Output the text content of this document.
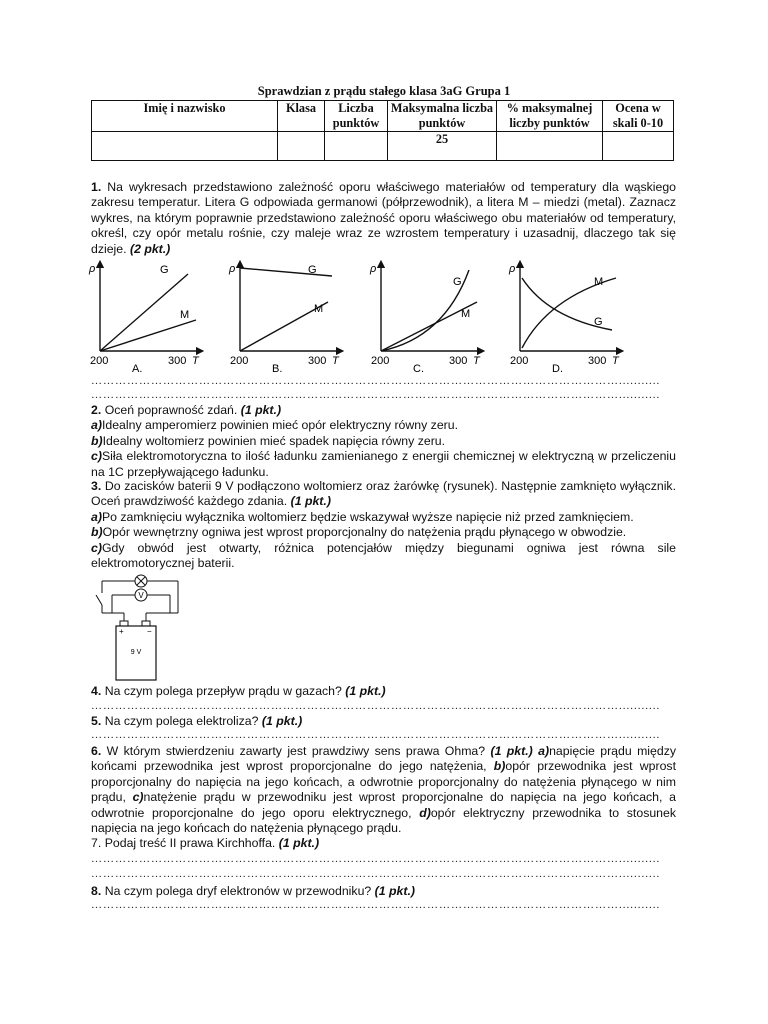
Sprawdzian z prądu stałego klasa 3aG Grupa 1
Imię i nazwisko	Klasa	Liczba punktów	Maksymalna liczba punktów	% maksymalnej liczby punktów	Ocena w skali 0-10
			25		
1. Na wykresach przedstawiono zależność oporu właściwego materiałów od temperatury dla wąskiego zakresu temperatur. Litera G odpowiada germanowi (półprzewodnik), a litera M – miedzi (metal). Zaznacz wykres, na którym poprawnie przedstawiono zależność oporu właściwego obu materiałów od temperatury, określ, czy opór metalu rośnie, czy maleje wraz ze wzrostem temperatury i uzasadnij, dlaczego tak się dzieje. (2 pkt.)
ρ	G
M
200	300 T
A.
ρ	G
M
200	300 T
B.
ρ
G
M
200	300 T
C.
ρ
G
M
200	300 T
D.
……………………………………………………………………………………………………………………...........
……………………………………………………………………………………………………………………...........
2. Oceń poprawność zdań. (1 pkt.)
a)Idealny amperomierz powinien mieć opór elektryczny równy zeru.
b)Idealny woltomierz powinien mieć spadek napięcia równy zeru.
c)Siła elektromotoryczna to ilość ładunku zamienianego z energii chemicznej w elektryczną w przeliczeniu na 1C przepływającego ładunku.
3. Do zacisków baterii 9 V podłączono woltomierz oraz żarówkę (rysunek). Następnie zamknięto wyłącznik. Oceń prawdziwość każdego zdania. (1 pkt.)
a)Po zamknięciu wyłącznika woltomierz będzie wskazywał wyższe napięcie niż przed zamknięciem.
b)Opór wewnętrzny ogniwa jest wprost proporcjonalny do natężenia prądu płynącego w obwodzie.
c)Gdy obwód jest otwarty, różnica potencjałów między biegunami ogniwa jest równa sile elektromotorycznej baterii.
V
+	−
9 V
4. Na czym polega przepływ prądu w gazach? (1 pkt.)
……………………………………………………………………………………………………………………...........
5. Na czym polega elektroliza? (1 pkt.)
……………………………………………………………………………………………………………………...........
6. W którym stwierdzeniu zawarty jest prawdziwy sens prawa Ohma? (1 pkt.) a)napięcie prądu między końcami przewodnika jest wprost proporcjonalne do jego natężenia, b)opór przewodnika jest wprost proporcjonalny do napięcia na jego końcach, a odwrotnie proporcjonalny do natężenia płynącego w nim prądu, c)natężenie prądu w przewodniku jest wprost proporcjonalne do napięcia na jego końcach, a odwrotnie proporcjonalne do jego oporu elektrycznego, d)opór elektryczny przewodnika to stosunek napięcia na jego końcach do natężenia płynącego prądu.
7. Podaj treść II prawa Kirchhoffa. (1 pkt.)
……………………………………………………………………………………………………………………...........
……………………………………………………………………………………………………………………...........
8. Na czym polega dryf elektronów w przewodniku? (1 pkt.)
……………………………………………………………………………………………………………………...........
